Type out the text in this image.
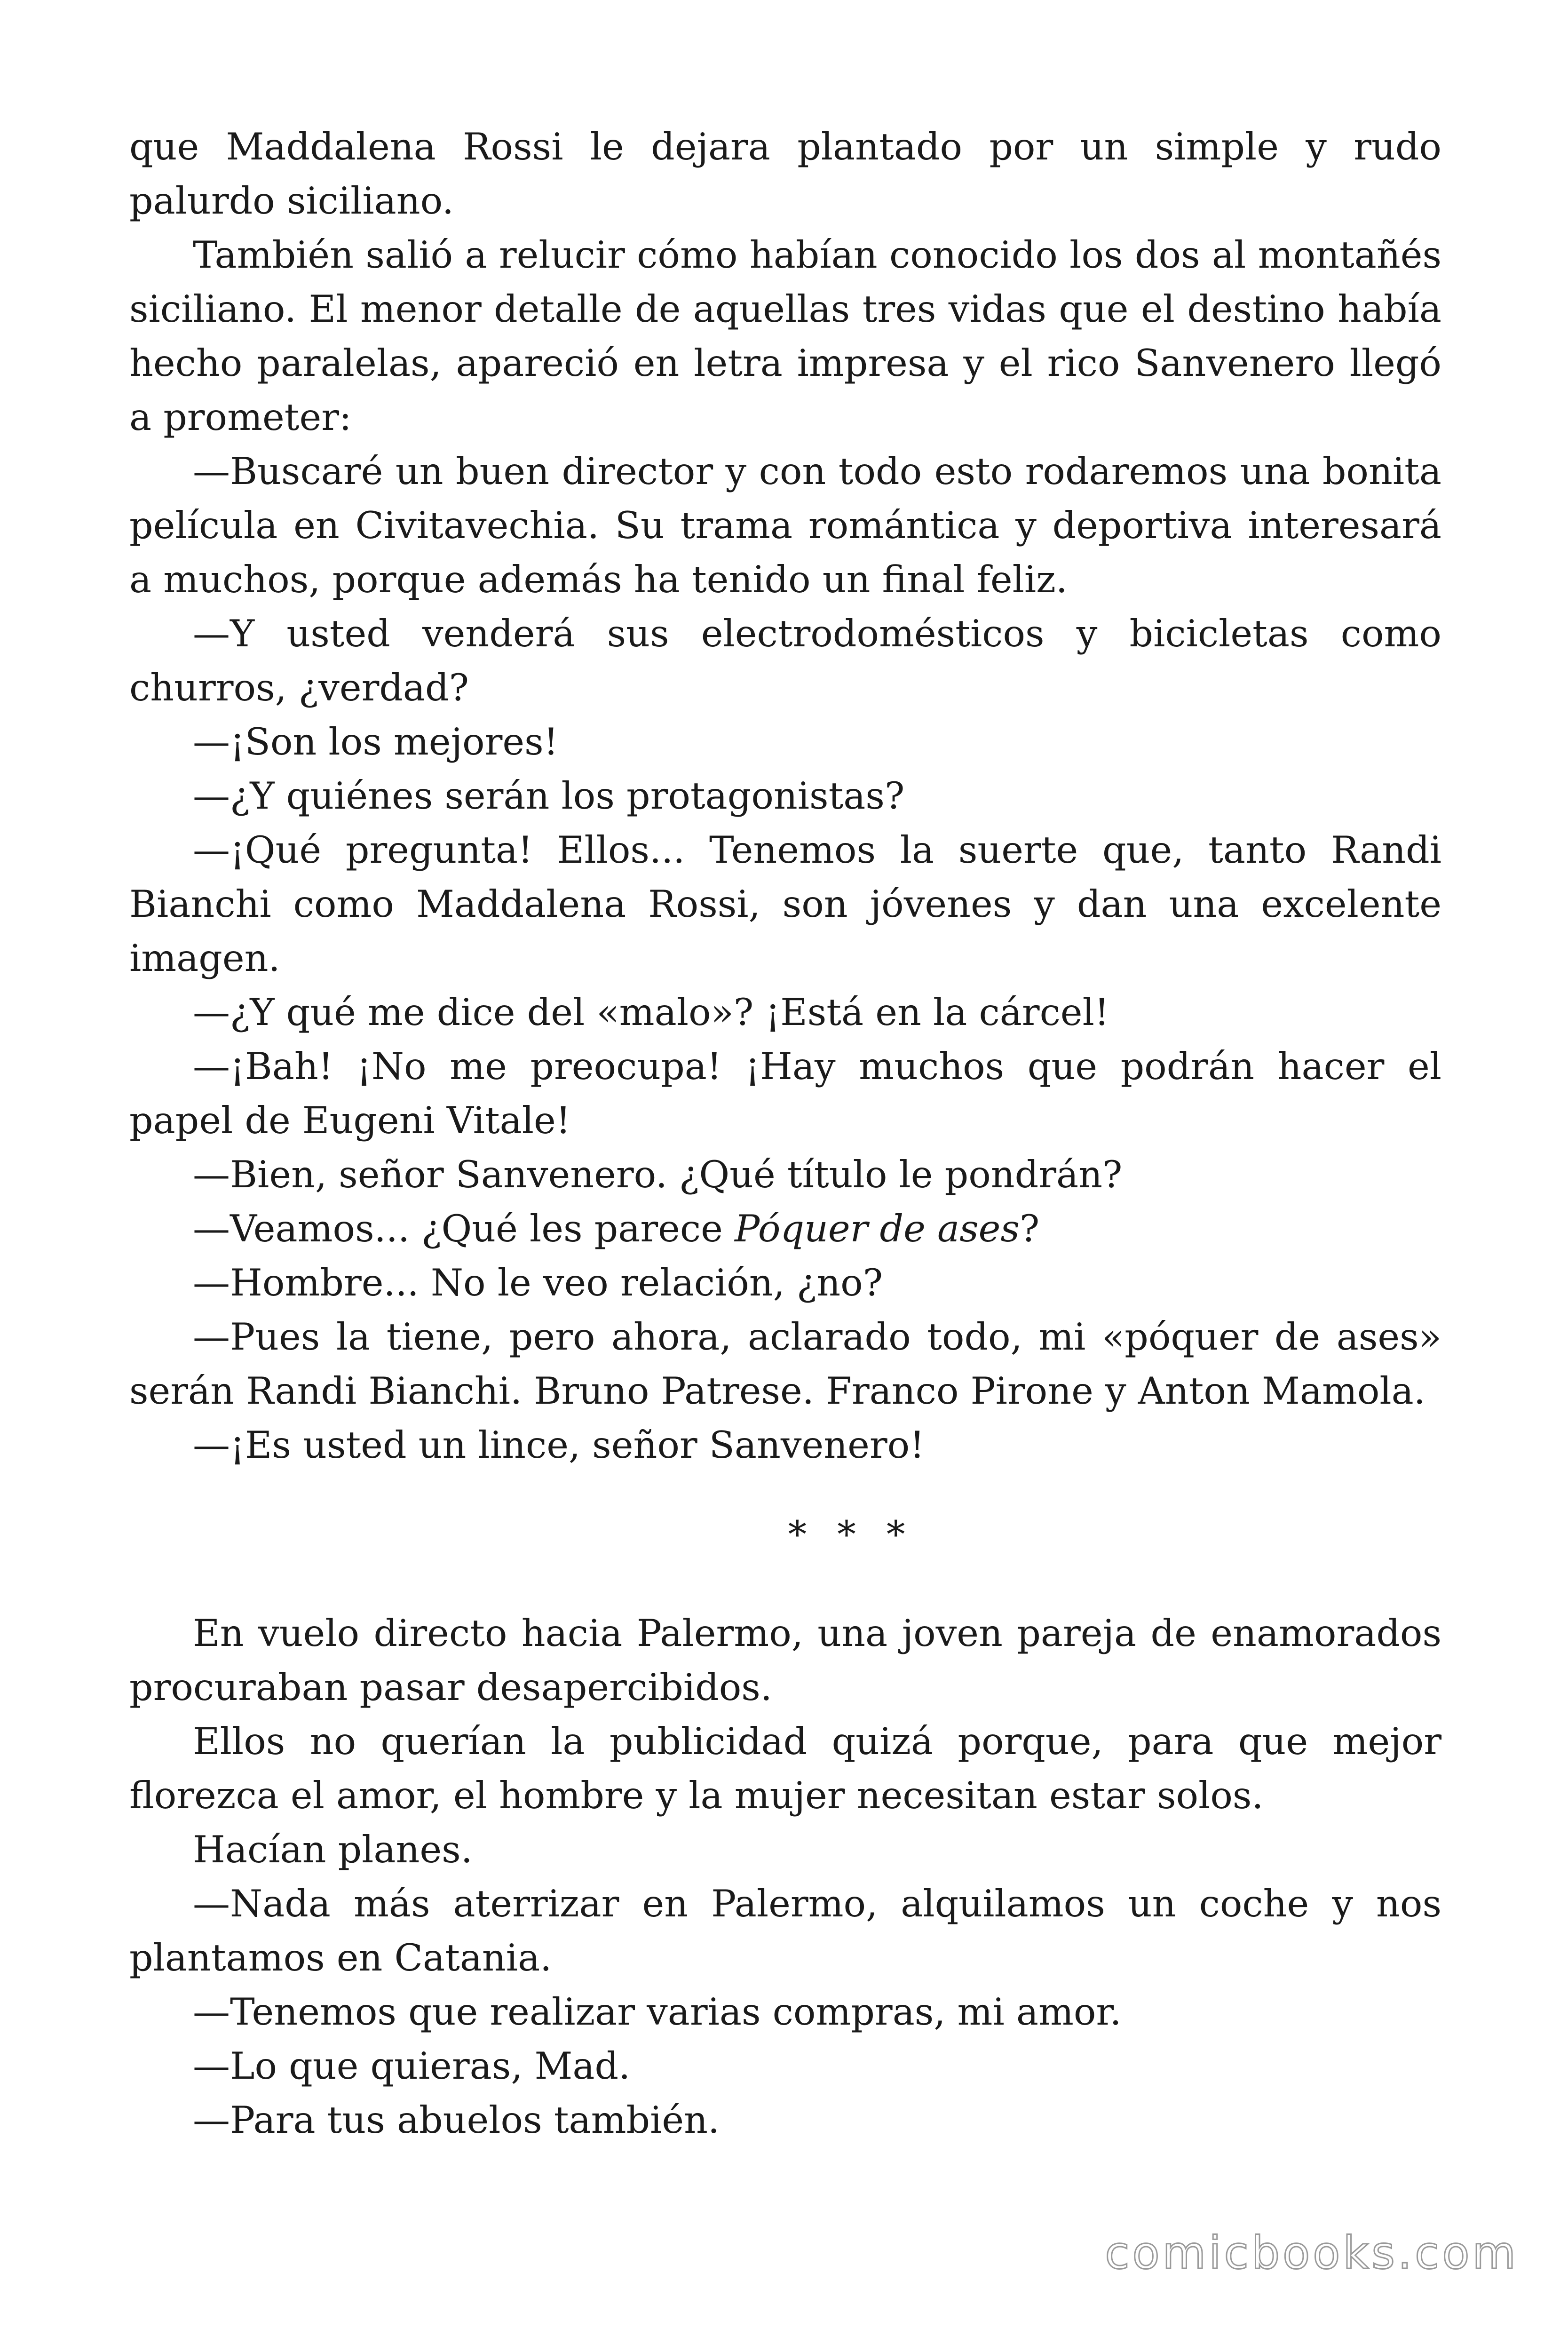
que Maddalena Rossi le dejara plantado por un simple y rudo palurdo siciliano.

También salió a relucir cómo habían conocido los dos al montañés siciliano. El menor detalle de aquellas tres vidas que el destino había hecho paralelas, apareció en letra impresa y el rico Sanvenero llegó a prometer:

—Buscaré un buen director y con todo esto rodaremos una bonita película en Civitavechia. Su trama romántica y deportiva interesará a muchos, porque además ha tenido un final feliz.

—Y usted venderá sus electrodomésticos y bicicletas como churros, ¿verdad?

—¡Son los mejores!

—¿Y quiénes serán los protagonistas?

—¡Qué pregunta! Ellos... Tenemos la suerte que, tanto Randi Bianchi como Maddalena Rossi, son jóvenes y dan una excelente imagen.

—¿Y qué me dice del «malo»? ¡Está en la cárcel!

—¡Bah! ¡No me preocupa! ¡Hay muchos que podrán hacer el papel de Eugeni Vitale!

—Bien, señor Sanvenero. ¿Qué título le pondrán?

—Veamos... ¿Qué les parece Póquer de ases?

—Hombre... No le veo relación, ¿no?

—Pues la tiene, pero ahora, aclarado todo, mi «póquer de ases» serán Randi Bianchi. Bruno Patrese. Franco Pirone y Anton Mamola.

—¡Es usted un lince, señor Sanvenero!

* * *

En vuelo directo hacia Palermo, una joven pareja de enamorados procuraban pasar desapercibidos.

Ellos no querían la publicidad quizá porque, para que mejor florezca el amor, el hombre y la mujer necesitan estar solos.

Hacían planes.

—Nada más aterrizar en Palermo, alquilamos un coche y nos plantamos en Catania.

—Tenemos que realizar varias compras, mi amor.

—Lo que quieras, Mad.

—Para tus abuelos también.

comicbooks.com
